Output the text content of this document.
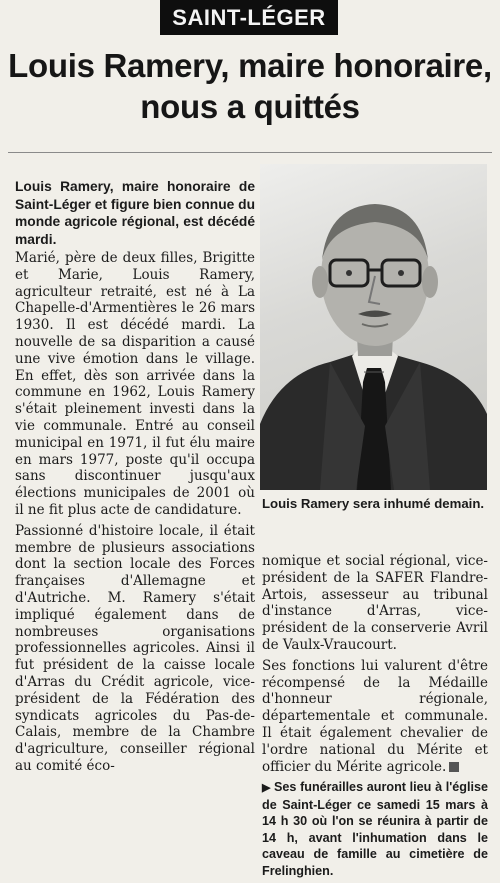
SAINT-LÉGER
Louis Ramery, maire honoraire, nous a quittés

Louis Ramery, maire honoraire de Saint-Léger et figure bien connue du monde agricole régional, est décédé mardi.

Marié, père de deux filles, Brigitte et Marie, Louis Ramery, agriculteur retraité, est né à La Chapelle-d'Armentières le 26 mars 1930. Il est décédé mardi. La nouvelle de sa disparition a causé une vive émotion dans le village. En effet, dès son arrivée dans la commune en 1962, Louis Ramery s'était pleinement investi dans la vie communale. Entré au conseil municipal en 1971, il fut élu maire en mars 1977, poste qu'il occupa sans discontinuer jusqu'aux élections municipales de 2001 où il ne fit plus acte de candidature.

Passionné d'histoire locale, il était membre de plusieurs associations dont la section locale des Forces françaises d'Allemagne et d'Autriche. M. Ramery s'était impliqué également dans de nombreuses organisations professionnelles agricoles. Ainsi il fut président de la caisse locale d'Arras du Crédit agricole, vice-président de la Fédération des syndicats agricoles du Pas-de-Calais, membre de la Chambre d'agriculture, conseiller régional au comité éco-

Louis Ramery sera inhumé demain.

nomique et social régional, vice-président de la SAFER Flandre-Artois, assesseur au tribunal d'instance d'Arras, vice-président de la conserverie Avril de Vaulx-Vraucourt.

Ses fonctions lui valurent d'être récompensé de la Médaille d'honneur régionale, départementale et communale. Il était également chevalier de l'ordre national du Mérite et officier du Mérite agricole.

▶ Ses funérailles auront lieu à l'église de Saint-Léger ce samedi 15 mars à 14 h 30 où l'on se réunira à partir de 14 h, avant l'inhumation dans le caveau de famille au cimetière de Frelinghien.
